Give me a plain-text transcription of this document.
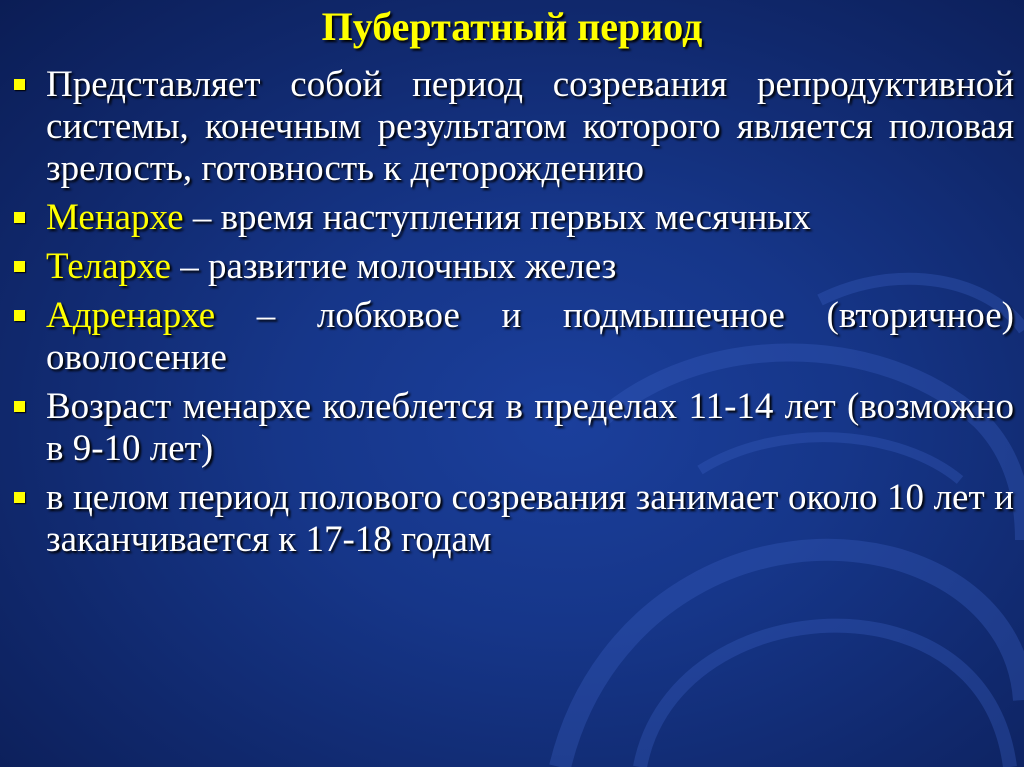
Пубертатный период
Представляет собой период созревания репродуктивной системы, конечным результатом которого является половая зрелость, готовность к деторождению
Менархе – время наступления первых месячных
Телархе – развитие молочных желез
Адренархе – лобковое и подмышечное (вторичное) оволосение
Возраст менархе колеблется в пределах 11-14 лет (возможно в 9-10 лет)
в целом период полового созревания занимает около 10 лет и заканчивается к 17-18 годам
